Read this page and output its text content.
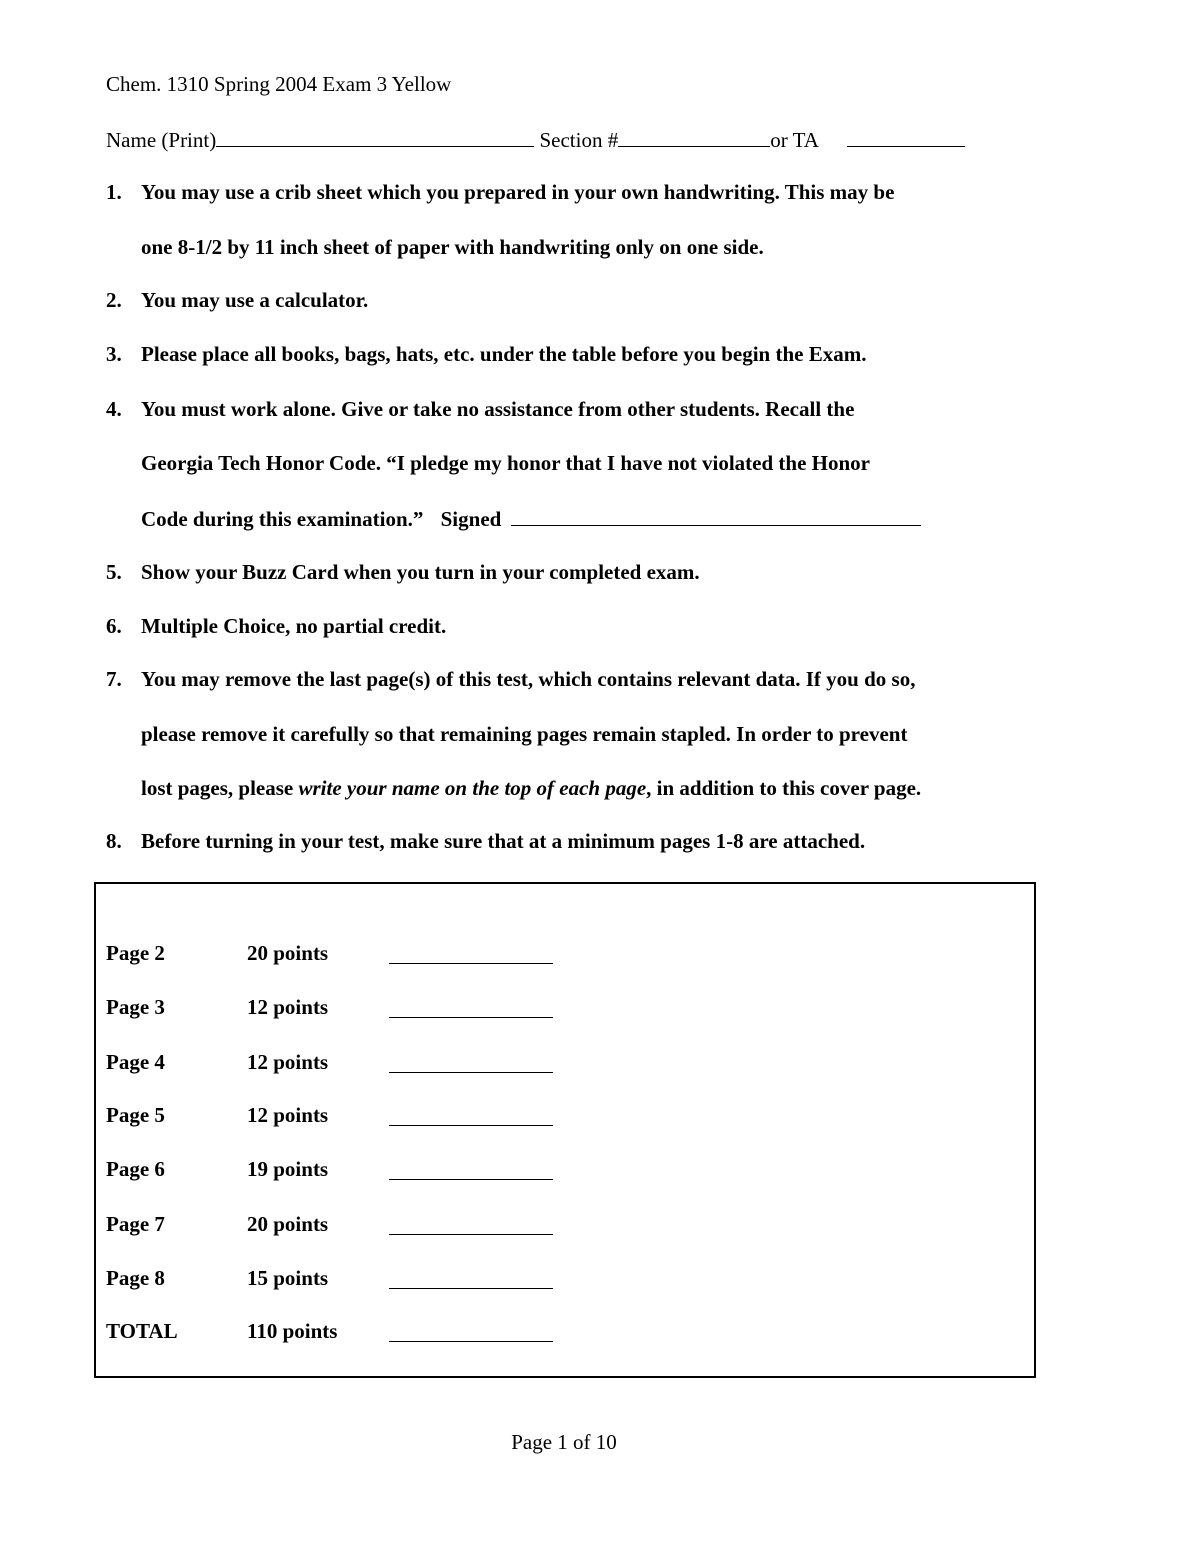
Chem. 1310 Spring 2004 Exam 3 Yellow
Name (Print)	Section #	or TA
1. You may use a crib sheet which you prepared in your own handwriting. This may be
one 8-1/2 by 11 inch sheet of paper with handwriting only on one side.
2. You may use a calculator.
3. Please place all books, bags, hats, etc. under the table before you begin the Exam.
4. You must work alone. Give or take no assistance from other students. Recall the
Georgia Tech Honor Code. “I pledge my honor that I have not violated the Honor
Code during this examination.” Signed
5. Show your Buzz Card when you turn in your completed exam.
6. Multiple Choice, no partial credit.
7. You may remove the last page(s) of this test, which contains relevant data. If you do so,
please remove it carefully so that remaining pages remain stapled. In order to prevent
lost pages, please write your name on the top of each page, in addition to this cover page.
8. Before turning in your test, make sure that at a minimum pages 1-8 are attached.
Page 2	20 points
Page 3	12 points
Page 4	12 points
Page 5	12 points
Page 6	19 points
Page 7	20 points
Page 8	15 points
TOTAL	110 points
Page 1 of 10
